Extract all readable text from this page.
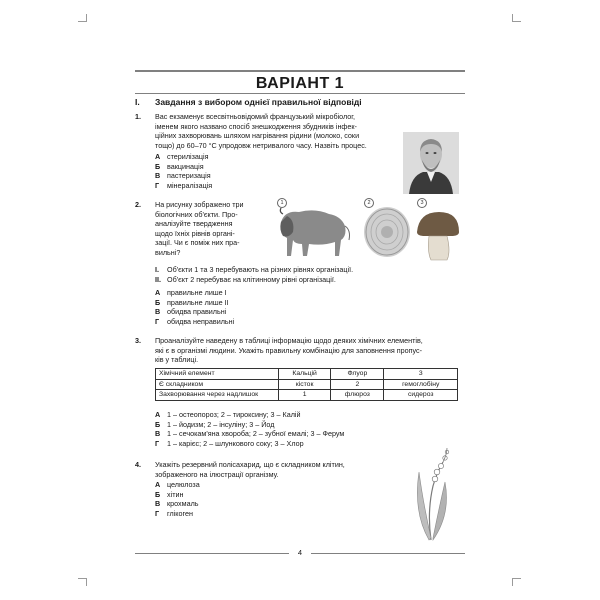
ВАРІАНТ 1
I.	Завдання з вибором однієї правильної відповіді
1.	Вас екзаменує всесвітньовідомий французький мікробіолог,
іменем якого названо спосіб знешкодження збудників інфек-
ційних захворювань шляхом нагрівання рідини (молоко, соки
тощо) до 60–70 °С упродовж нетривалого часу. Назвіть процес.
А стерилізація
Б вакцинація
В пастеризація
Г	мінералізація
2.	На рисунку зображено три
біологічних об'єкти. Про-
аналізуйте твердження
щодо їхніх рівнів органі-
зації. Чи є поміж них пра-
вильні?
I.	Об'єкти 1 та 3 перебувають на різних рівнях організації.
II. Об'єкт 2 перебуває на клітинному рівні організації.
А правильне лише I
Б правильне лише II
В обидва правильні
Г	обидва неправильні
1	2	3
3.	Проаналізуйте наведену в таблиці інформацію щодо деяких хімічних елементів,
які є в організмі людини. Укажіть правильну комбінацію для заповнення пропус-
ків у таблиці.
Хімічний елемент	Кальцій	Флуор	3
Є складником	кісток	2	гемоглобіну
Захворювання через надлишок	1	флюроз	сидероз
А 1 – остеопороз; 2 – тироксину; 3 – Калій
Б 1 – йодизм; 2 – інсуліну; 3 – Йод
В 1 – сечокам'яна хвороба; 2 – зубної емалі; 3 – Ферум
Г	1 – карієс; 2 – шлункового соку; 3 – Хлор
4.	Укажіть резервний полісахарид, що є складником клітин,
зображеного на ілюстрації організму.
А целюлоза
Б хітин
В крохмаль
Г	глікоген
4
